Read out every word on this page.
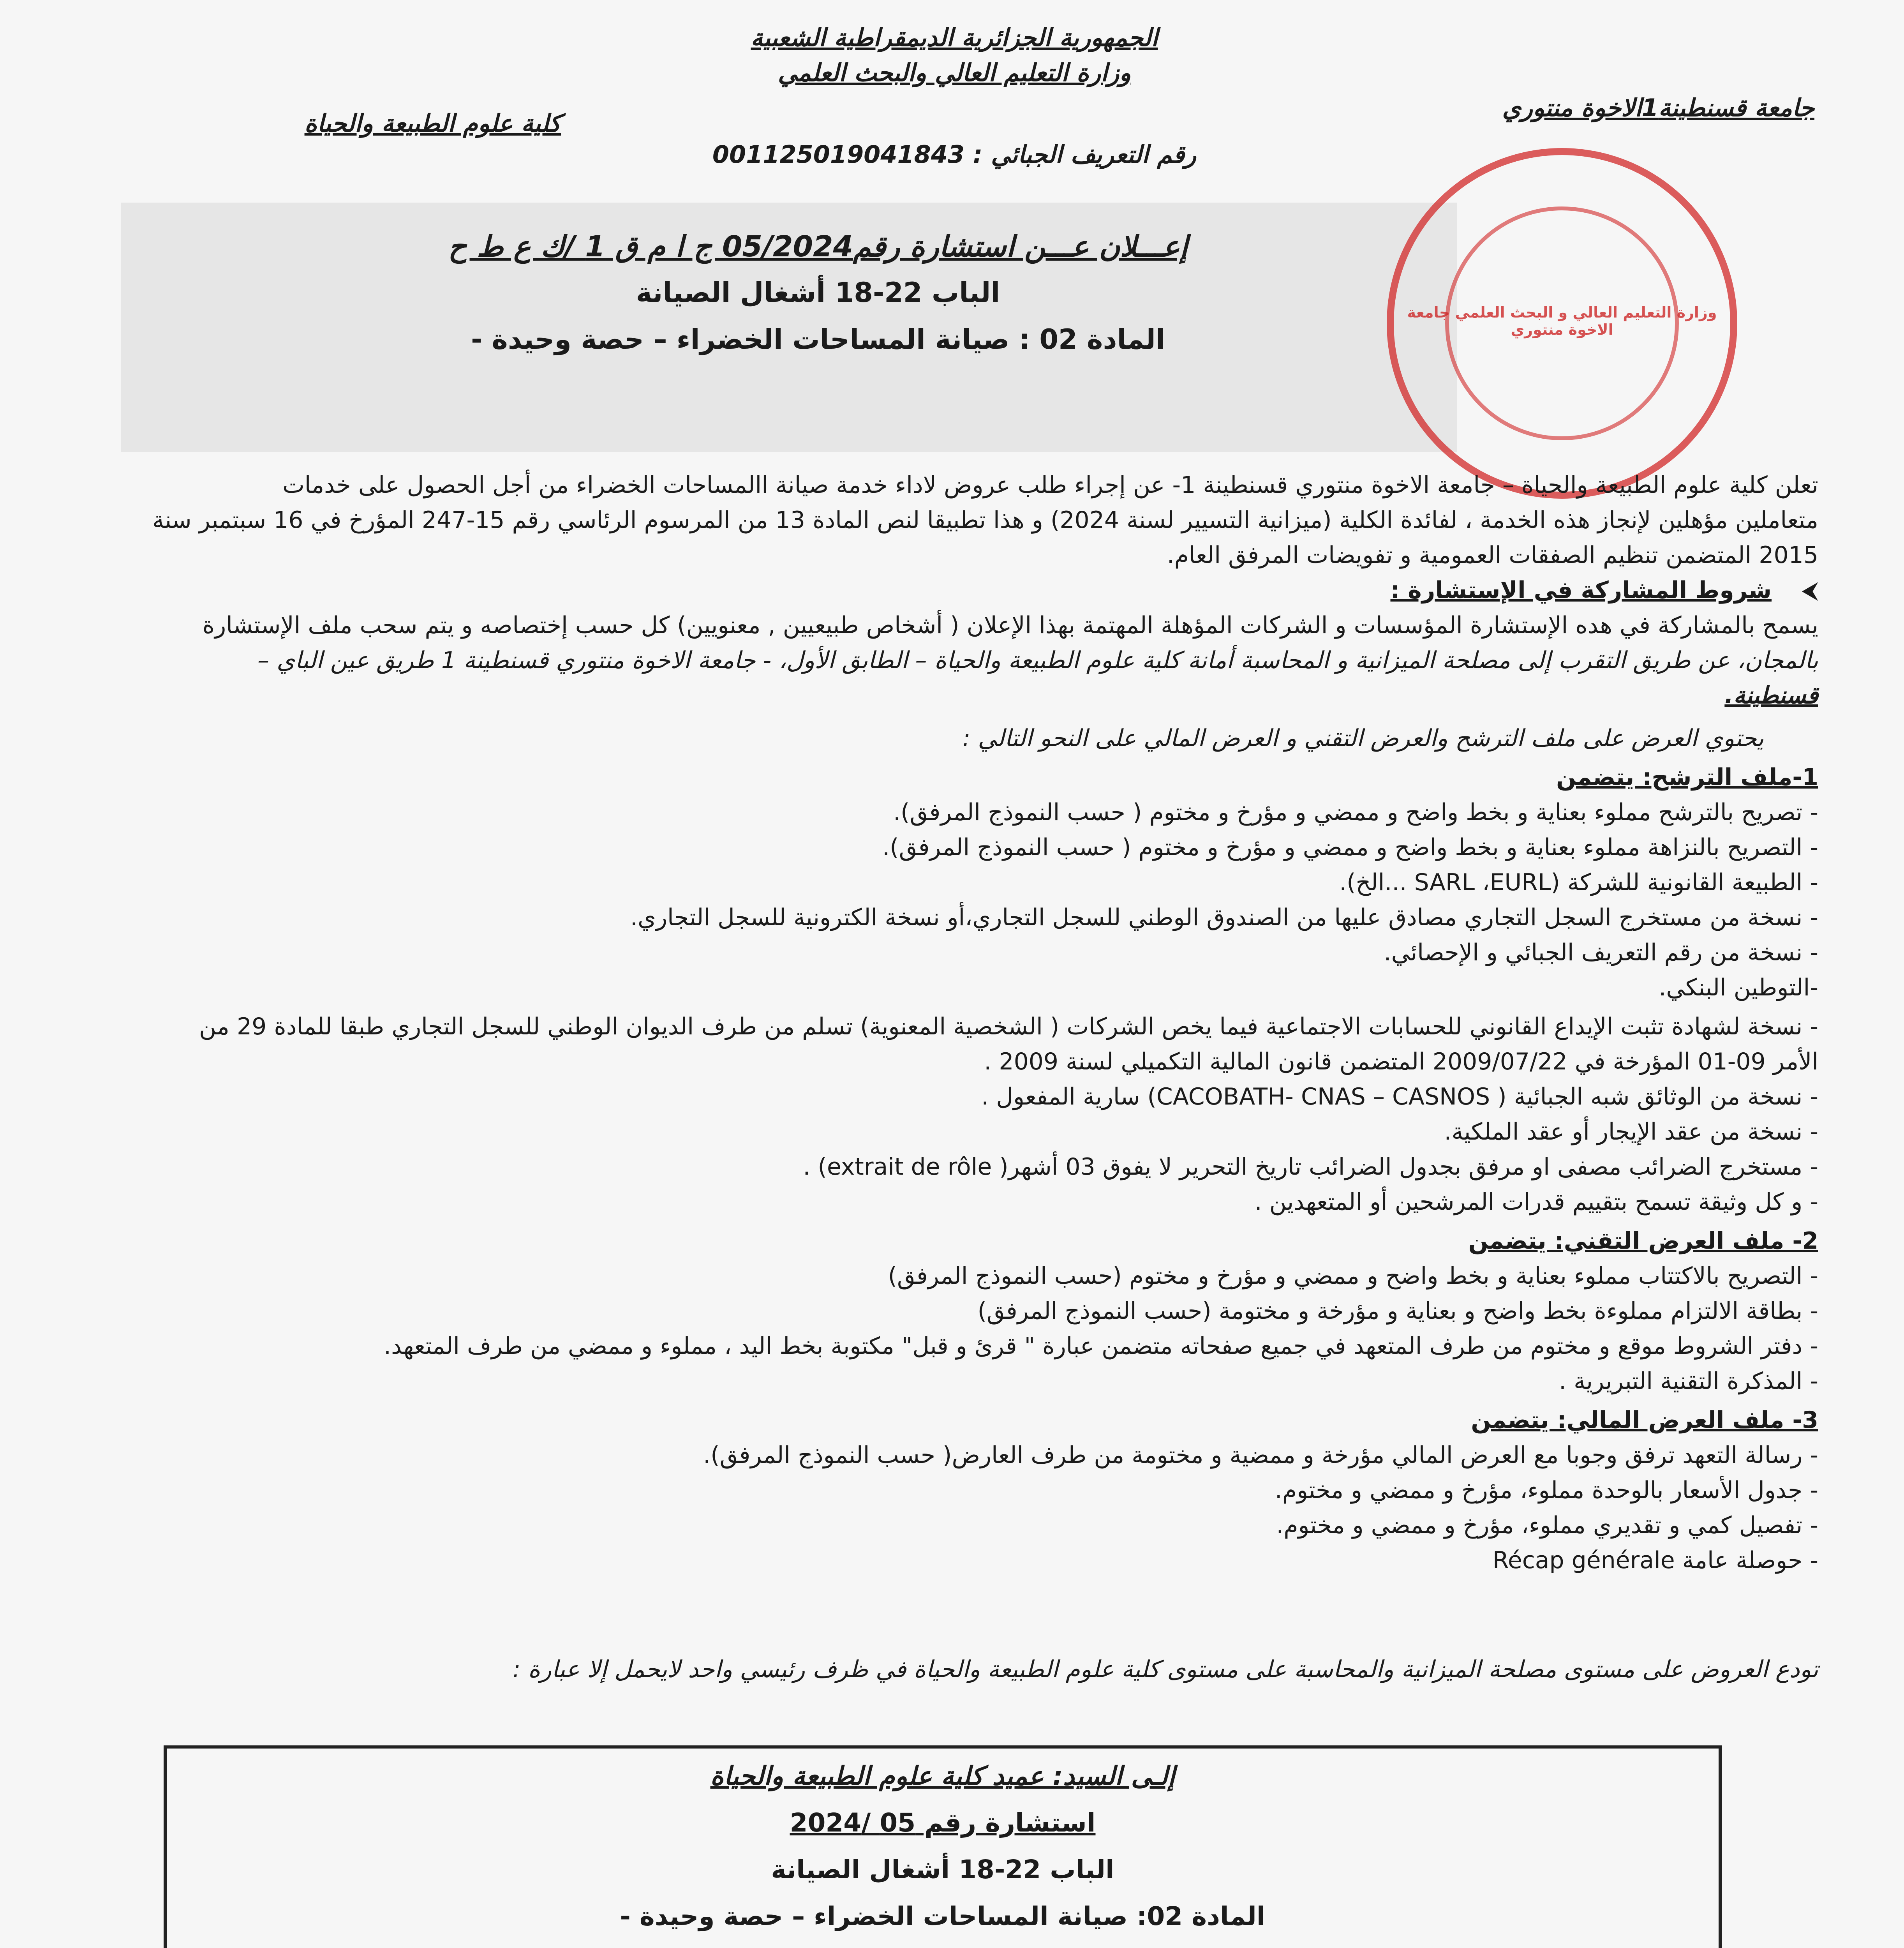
الجمهورية الجزائرية الديمقراطية الشعبية
وزارة التعليم العالي والبحث العلمي
جامعة قسنطينة1الاخوة منتوري
كلية علوم الطبيعة والحياة
رقم التعريف الجبائي : 001125019041843
إعـــلان عـــن استشارة رقم05/2024 ج ا م ق 1 /ك ع ط ح
الباب 22-18 أشغال الصيانة
المادة 02 : صيانة المساحات الخضراء – حصة وحيدة -
وزارة التعليم العالي و البحث العلمي جامعة الاخوة منتوري
تعلن كلية علوم الطبيعة والحياة – جامعة الاخوة منتوري قسنطينة 1- عن إجراء طلب عروض لاداء خدمة صيانة االمساحات الخضراء من أجل الحصول على خدمات
متعاملين مؤهلين لإنجاز هذه الخدمة ، لفائدة الكلية (ميزانية التسيير لسنة 2024) و هذا تطبيقا لنص المادة 13 من المرسوم الرئاسي رقم 15-247 المؤرخ في 16 سبتمبر سنة
2015 المتضمن تنظيم الصفقات العمومية و تفويضات المرفق العام.
⮜
شروط المشاركة في الإستشارة :
يسمح بالمشاركة في هده الإستشارة المؤسسات و الشركات المؤهلة المهتمة بهذا الإعلان ( أشخاص طبيعيين , معنويين) كل حسب إختصاصه و يتم سحب ملف الإستشارة
بالمجان، عن طريق التقرب إلى مصلحة الميزانية و المحاسبة أمانة كلية علوم الطبيعة والحياة – الطابق الأول، - جامعة الاخوة منتوري قسنطينة 1 طريق عين الباي –
قسنطينة.
يحتوي العرض على ملف الترشح والعرض التقني و العرض المالي على النحو التالي :
1-ملف الترشح: يتضمن
- تصريح بالترشح مملوء بعناية و بخط واضح و ممضي و مؤرخ و مختوم ( حسب النموذج المرفق).
- التصريح بالنزاهة مملوء بعناية و بخط واضح و ممضي و مؤرخ و مختوم ( حسب النموذج المرفق).
- الطبيعة القانونية للشركة (SARL ،EURL ...الخ).
- نسخة من مستخرج السجل التجاري مصادق عليها من الصندوق الوطني للسجل التجاري،أو نسخة الكترونية للسجل التجاري.
- نسخة من رقم التعريف الجبائي و الإحصائي.
-التوطين البنكي.
- نسخة لشهادة تثبت الإيداع القانوني للحسابات الاجتماعية فيما يخص الشركات ( الشخصية المعنوية) تسلم من طرف الديوان الوطني للسجل التجاري طبقا للمادة 29 من
الأمر 09-01 المؤرخة في 2009/07/22 المتضمن قانون المالية التكميلي لسنة 2009 .
- نسخة من الوثائق شبه الجبائية ( CACOBATH- CNAS – CASNOS) سارية المفعول .
- نسخة من عقد الإيجار أو عقد الملكية.
- مستخرج الضرائب مصفى او مرفق بجدول الضرائب تاريخ التحرير لا يفوق 03 أشهر( extrait de rôle) .
- و كل وثيقة تسمح بتقييم قدرات المرشحين أو المتعهدين .
2- ملف العرض التقني: يتضمن
- التصريح بالاكتتاب مملوء بعناية و بخط واضح و ممضي و مؤرخ و مختوم (حسب النموذج المرفق)
- بطاقة الالتزام مملوءة بخط واضح و بعناية و مؤرخة و مختومة (حسب النموذج المرفق)
- دفتر الشروط موقع و مختوم من طرف المتعهد في جميع صفحاته متضمن عبارة " قرئ و قبل" مكتوبة بخط اليد ، مملوء و ممضي من طرف المتعهد.
- المذكرة التقنية التبريرية .
3- ملف العرض المالي: يتضمن
- رسالة التعهد ترفق وجوبا مع العرض المالي مؤرخة و ممضية و مختومة من طرف العارض( حسب النموذج المرفق).
- جدول الأسعار بالوحدة مملوء، مؤرخ و ممضي و مختوم.
- تفصيل كمي و تقديري مملوء، مؤرخ و ممضي و مختوم.
- حوصلة عامة Récap générale
تودع العروض على مستوى مصلحة الميزانية والمحاسبة على مستوى كلية علوم الطبيعة والحياة في ظرف رئيسي واحد لايحمل إلا عبارة :
إلـى السيد: عميد كلية علوم الطبيعة والحياة
استشارة رقم 05 /2024
الباب 22-18 أشغال الصيانة
المادة 02: صيانة المساحات الخضراء – حصة وحيدة -
